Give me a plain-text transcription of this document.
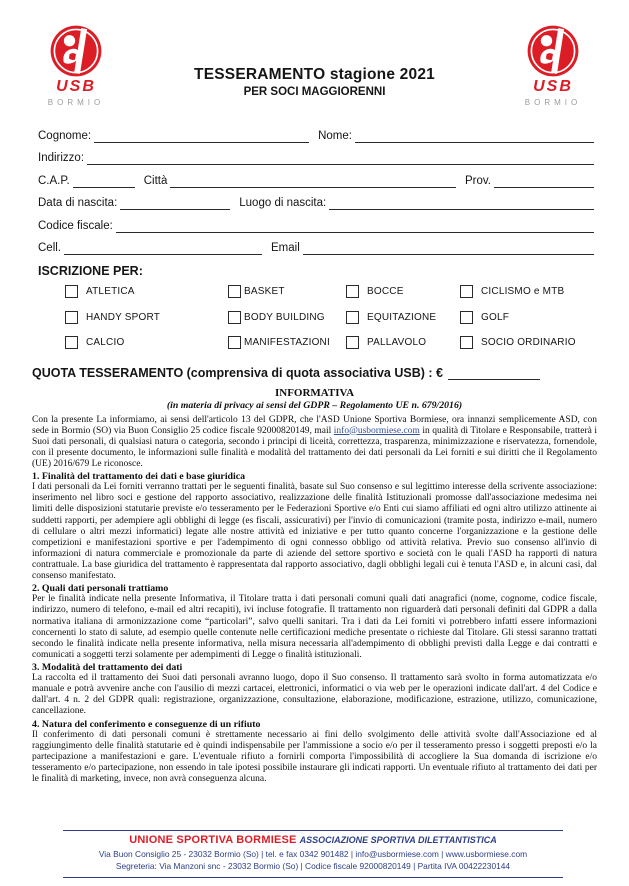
USB
BORMIO
TESSERAMENTO stagione 2021
PER SOCI MAGGIORENNI	USB
BORMIO
Cognome:	Nome:
Indirizzo:
C.A.P.	Città	Prov.
Data di nascita:	Luogo di nascita:
Codice fiscale:
Cell.	Email
ISCRIZIONE PER:
ATLETICA	BASKET	BOCCE	CICLISMO e MTB
HANDY SPORT	BODY BUILDING	EQUITAZIONE	GOLF
CALCIO	MANIFESTAZIONI	PALLAVOLO	SOCIO ORDINARIO
QUOTA TESSERAMENTO (comprensiva di quota associativa USB) : €
INFORMATIVA
(in materia di privacy ai sensi del GDPR – Regolamento UE n. 679/2016)

Con la presente La informiamo, ai sensi dell'articolo 13 del GDPR, che l'ASD Unione Sportiva Bormiese, ora innanzi semplicemente ASD, con sede in Bormio (SO) via Buon Consiglio 25 codice fiscale 92000820149, mail info@usbormiese.com in qualità di Titolare e Responsabile, tratterà i Suoi dati personali, di qualsiasi natura o categoria, secondo i principi di liceità, correttezza, trasparenza, minimizzazione e riservatezza, fornendole, con il presente documento, le informazioni sulle finalità e modalità del trattamento dei dati personali da Lei forniti e sui diritti che il Regolamento (UE) 2016/679 Le riconosce.

1. Finalità del trattamento dei dati e base giuridica

I dati personali da Lei forniti verranno trattati per le seguenti finalità, basate sul Suo consenso e sul legittimo interesse della scrivente associazione: inserimento nel libro soci e gestione del rapporto associativo, realizzazione delle finalità Istituzionali promosse dall'associazione medesima nei limiti delle disposizioni statutarie previste e/o tesseramento per le Federazioni Sportive e/o Enti cui siamo affiliati ed ogni altro utilizzo attinente ai suddetti rapporti, per adempiere agli obblighi di legge (es fiscali, assicurativi) per l'invio di comunicazioni (tramite posta, indirizzo e-mail, numero di cellulare o altri mezzi informatici) legate alle nostre attività ed iniziative e per tutto quanto concerne l'organizzazione e la gestione delle competizioni e manifestazioni sportive e per l'adempimento di ogni connesso obbligo od attività relativa. Previo suo consenso all'invio di informazioni di natura commerciale e promozionale da parte di aziende del settore sportivo e società con le quali l'ASD ha rapporti di natura contrattuale. La base giuridica del trattamento è rappresentata dal rapporto associativo, dagli obblighi legali cui è tenuta l'ASD e, in alcuni casi, dal consenso manifestato.

2. Quali dati personali trattiamo

Per le finalità indicate nella presente Informativa, il Titolare tratta i dati personali comuni quali dati anagrafici (nome, cognome, codice fiscale, indirizzo, numero di telefono, e-mail ed altri recapiti), ivi incluse fotografie. Il trattamento non riguarderà dati personali definiti dal GDPR a dalla normativa italiana di armonizzazione come “particolari”, salvo quelli sanitari. Tra i dati da Lei forniti vi potrebbero infatti essere informazioni concernenti lo stato di salute, ad esempio quelle contenute nelle certificazioni mediche presentate o richieste dal Titolare. Gli stessi saranno trattati secondo le finalità indicate nella presente informativa, nella misura necessaria all'adempimento di obblighi previsti dalla Legge e dai contratti e comunicati a soggetti terzi solamente per adempimenti di Legge o finalità istituzionali.

3. Modalità del trattamento dei dati

La raccolta ed il trattamento dei Suoi dati personali avranno luogo, dopo il Suo consenso. Il trattamento sarà svolto in forma automatizzata e/o manuale e potrà avvenire anche con l'ausilio di mezzi cartacei, elettronici, informatici o via web per le operazioni indicate dall'art. 4 del Codice e dall'art. 4 n. 2 del GDPR quali: registrazione, organizzazione, consultazione, elaborazione, modificazione, estrazione, utilizzo, comunicazione, cancellazione.

4. Natura del conferimento e conseguenze di un rifiuto

Il conferimento di dati personali comuni è strettamente necessario ai fini dello svolgimento delle attività svolte dall'Associazione ed al raggiungimento delle finalità statutarie ed è quindi indispensabile per l'ammissione a socio e/o per il tesseramento presso i soggetti preposti e/o la partecipazione a manifestazioni e gare. L'eventuale rifiuto a fornirli comporta l'impossibilità di accogliere la Sua domanda di iscrizione e/o tesseramento e/o partecipazione, non essendo in tale ipotesi possibile instaurare gli indicati rapporti. Un eventuale rifiuto al trattamento dei dati per le finalità di marketing, invece, non avrà conseguenza alcuna.

UNIONE SPORTIVA BORMIESE ASSOCIAZIONE SPORTIVA DILETTANTISTICA
Via Buon Consiglio 25 - 23032 Bormio (So) | tel. e fax 0342 901482 | info@usbormiese.com | www.usbormiese.com
Segreteria: Via Manzoni snc - 23032 Bormio (So) | Codice fiscale 92000820149 | Partita IVA 00422230144
